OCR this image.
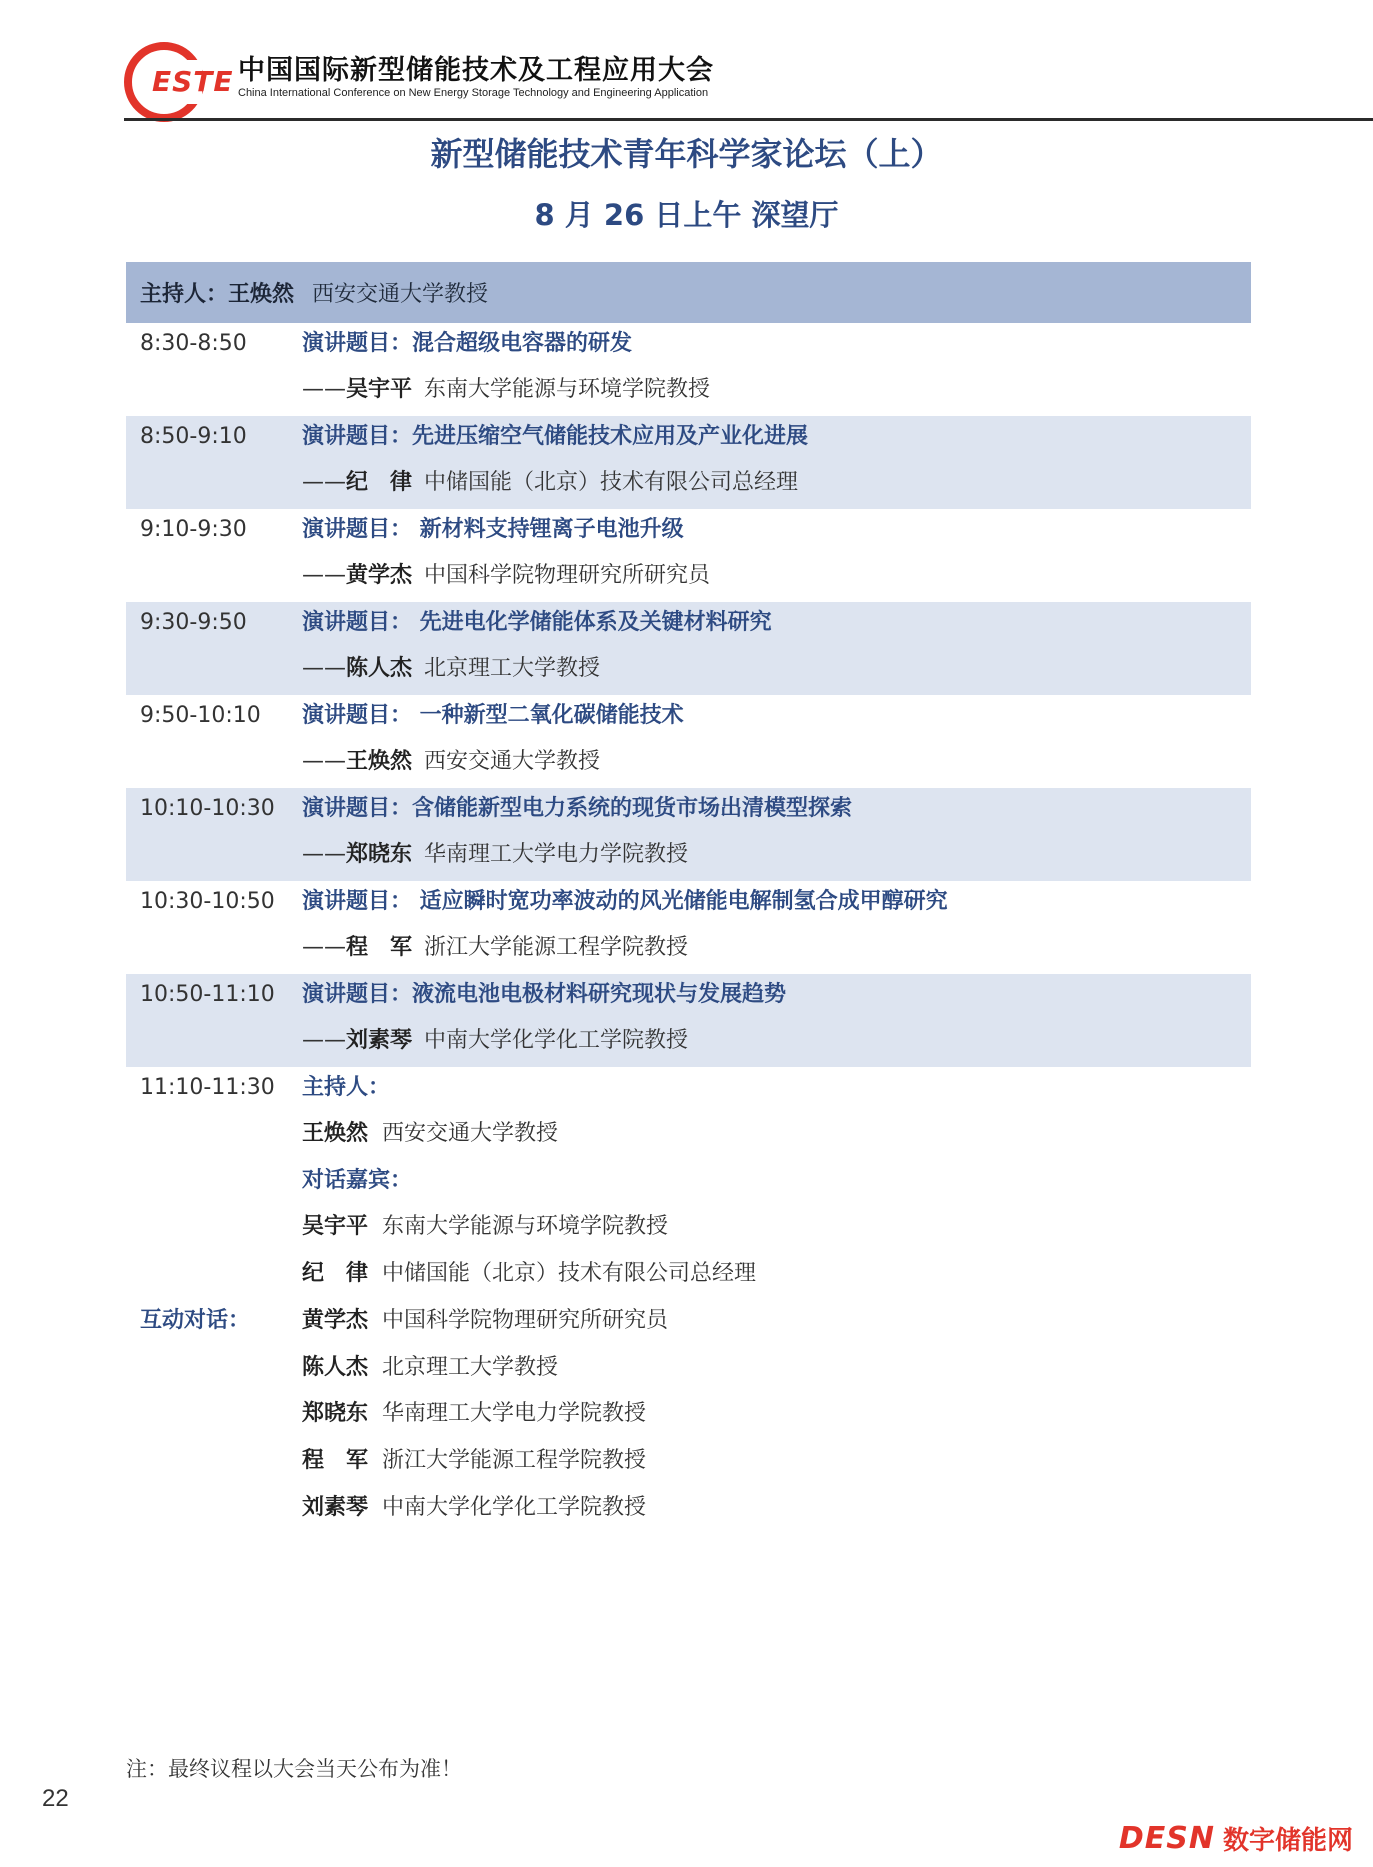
ESTE 中国国际新型储能技术及工程应用大会
China International Conference on New Energy Storage Technology and Engineering Application
新型储能技术青年科学家论坛（上）
8 月 26 日上午 深望厅
主持人：王焕然 西安交通大学教授
8:30-8:50	演讲题目：混合超级电容器的研发
——吴宇平 东南大学能源与环境学院教授
8:50-9:10	演讲题目：先进压缩空气储能技术应用及产业化进展
——纪　律 中储国能（北京）技术有限公司总经理
9:10-9:30	演讲题目： 新材料支持锂离子电池升级
——黄学杰 中国科学院物理研究所研究员
9:30-9:50	演讲题目： 先进电化学储能体系及关键材料研究
——陈人杰 北京理工大学教授
9:50-10:10 演讲题目： 一种新型二氧化碳储能技术
——王焕然 西安交通大学教授
10:10-10:30 演讲题目：含储能新型电力系统的现货市场出清模型探索
——郑晓东 华南理工大学电力学院教授
10:30-10:50 演讲题目： 适应瞬时宽功率波动的风光储能电解制氢合成甲醇研究
——程　军 浙江大学能源工程学院教授
10:50-11:10 演讲题目：液流电池电极材料研究现状与发展趋势
——刘素琴 中南大学化学化工学院教授
11:10-11:30 主持人：
王焕然 西安交通大学教授
对话嘉宾：
吴宇平 东南大学能源与环境学院教授
纪　律 中储国能（北京）技术有限公司总经理
互动对话： 黄学杰 中国科学院物理研究所研究员
陈人杰 北京理工大学教授
郑晓东 华南理工大学电力学院教授
程　军 浙江大学能源工程学院教授
刘素琴 中南大学化学化工学院教授
注：最终议程以大会当天公布为准！
22
DESN 数字储能网
